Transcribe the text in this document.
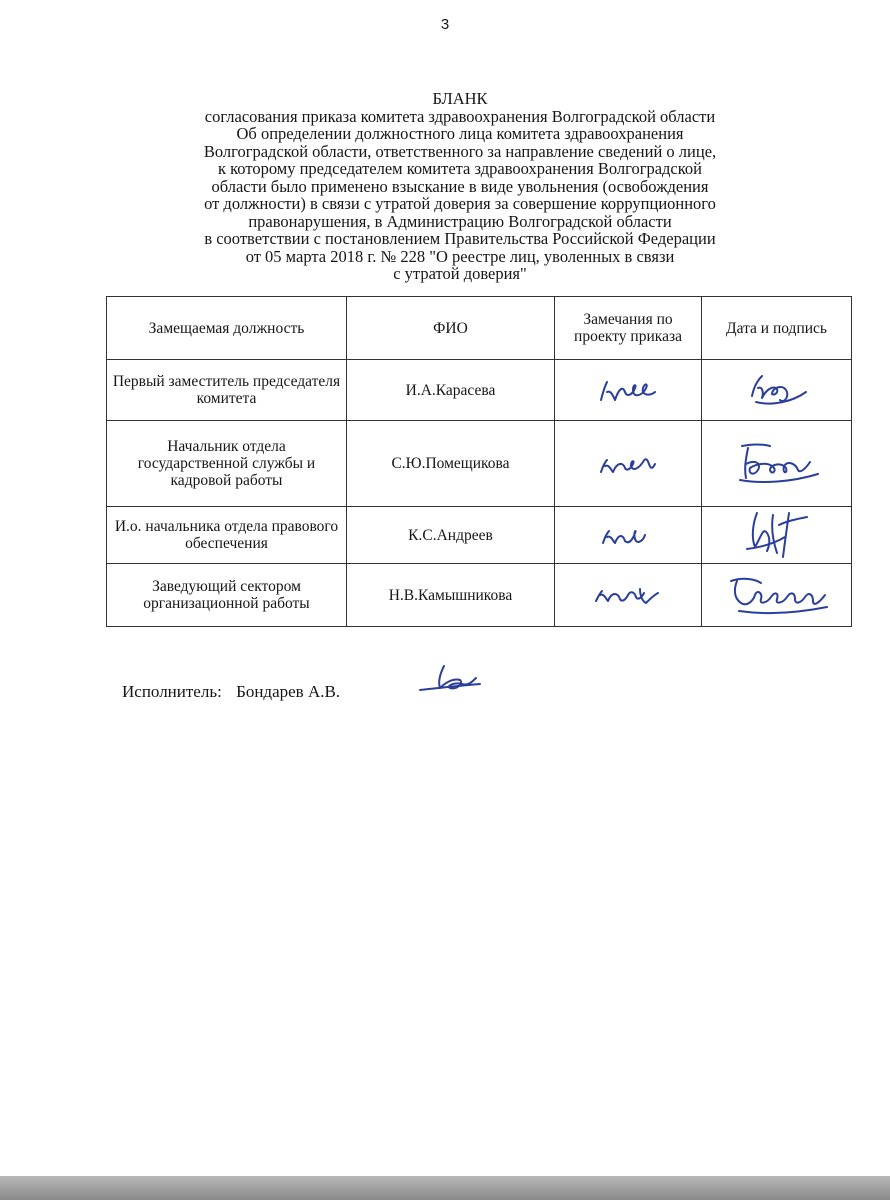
3
БЛАНК
согласования приказа комитета здравоохранения Волгоградской области
Об определении должностного лица комитета здравоохранения
Волгоградской области, ответственного за направление сведений о лице,
к которому председателем комитета здравоохранения Волгоградской
области было применено взыскание в виде увольнения (освобождения
от должности) в связи с утратой доверия за совершение коррупционного
правонарушения, в Администрацию Волгоградской области
в соответствии с постановлением Правительства Российской Федерации
от 05 марта 2018 г. № 228 "О реестре лиц, уволенных в связи
с утратой доверия"
Замещаемая должность	ФИО	Замечания по проекту приказа	Дата и подпись
Первый заместитель председателя комитета	И.А.Карасева	

Начальник отдела государственной службы и кадровой работы	С.Ю.Помещикова	

И.о. начальника отдела правового обеспечения	К.С.Андреев	

Заведующий сектором организационной работы	Н.В.Камышникова	

Исполнитель: Бондарев А.В.
